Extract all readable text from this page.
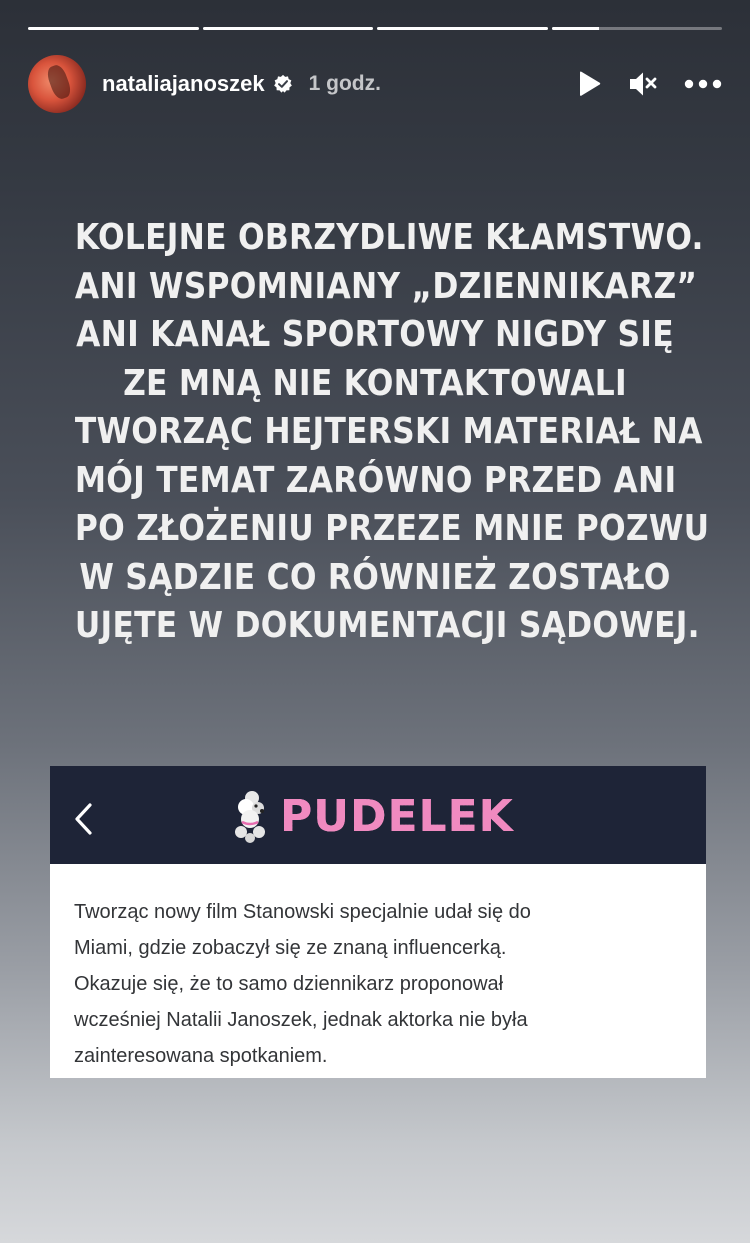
nataliajanoszek 1 godz.
KOLEJNE OBRZYDLIWE KŁAMSTWO.
ANI WSPOMNIANY „DZIENNIKARZ”
ANI KANAŁ SPORTOWY NIGDY SIĘ
ZE MNĄ NIE KONTAKTOWALI
TWORZĄC HEJTERSKI MATERIAŁ NA
MÓJ TEMAT ZARÓWNO PRZED ANI
PO ZŁOŻENIU PRZEZE MNIE POZWU
W SĄDZIE CO RÓWNIEŻ ZOSTAŁO
UJĘTE W DOKUMENTACJI SĄDOWEJ.
PUDELEK
Tworząc nowy film Stanowski specjalnie udał się do
Miami, gdzie zobaczył się ze znaną influencerką.
Okazuje się, że to samo dziennikarz proponował
wcześniej Natalii Janoszek, jednak aktorka nie była
zainteresowana spotkaniem.
